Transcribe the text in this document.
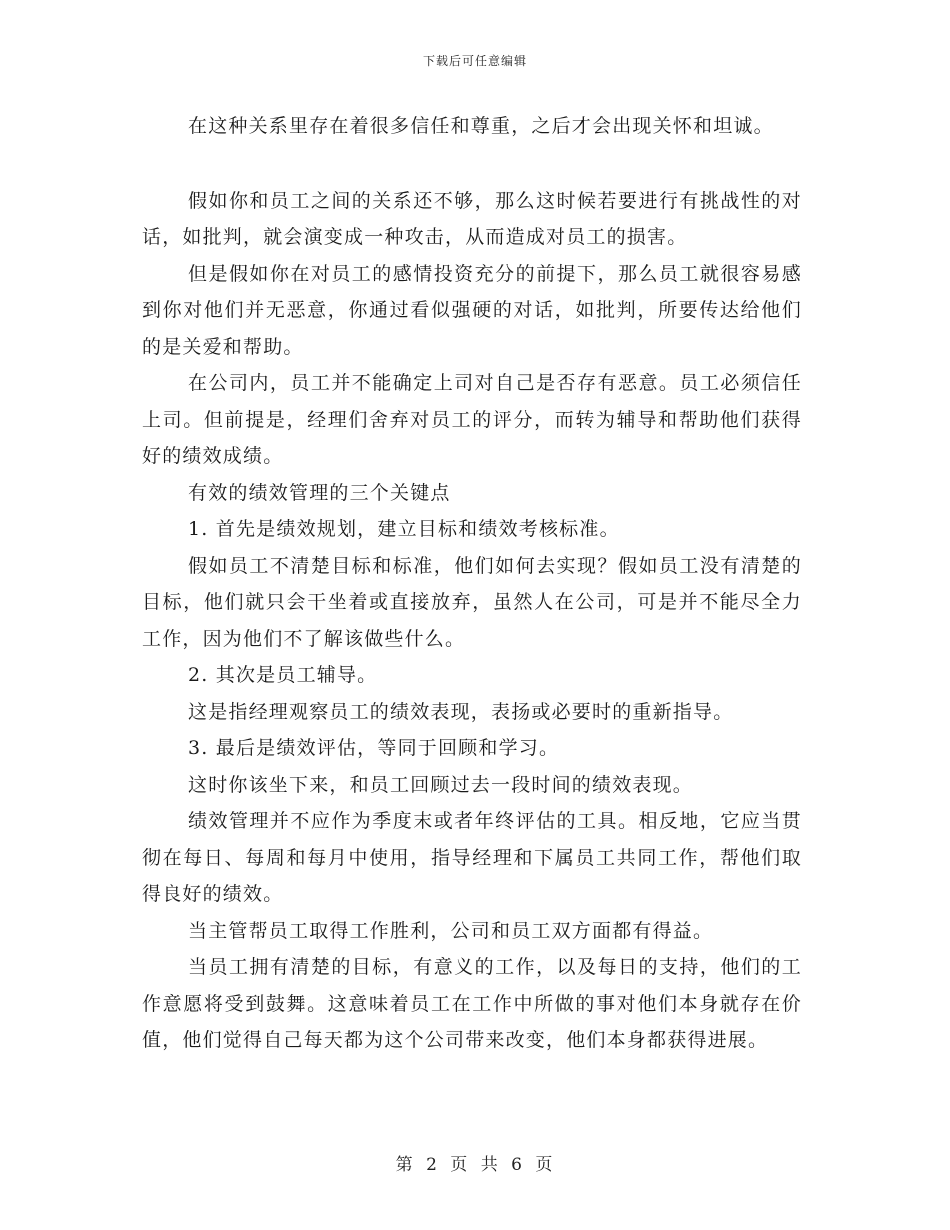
下载后可任意编辑

在这种关系里存在着很多信任和尊重，之后才会出现关怀和坦诚。

假如你和员工之间的关系还不够，那么这时候若要进行有挑战性的对话，如批判，就会演变成一种攻击，从而造成对员工的损害。

但是假如你在对员工的感情投资充分的前提下，那么员工就很容易感到你对他们并无恶意，你通过看似强硬的对话，如批判，所要传达给他们的是关爱和帮助。

在公司内，员工并不能确定上司对自己是否存有恶意。员工必须信任上司。但前提是，经理们舍弃对员工的评分，而转为辅导和帮助他们获得好的绩效成绩。

有效的绩效管理的三个关键点

1. 首先是绩效规划，建立目标和绩效考核标准。

假如员工不清楚目标和标准，他们如何去实现？假如员工没有清楚的目标，他们就只会干坐着或直接放弃，虽然人在公司，可是并不能尽全力工作，因为他们不了解该做些什么。

2. 其次是员工辅导。

这是指经理观察员工的绩效表现，表扬或必要时的重新指导。

3. 最后是绩效评估，等同于回顾和学习。

这时你该坐下来，和员工回顾过去一段时间的绩效表现。

绩效管理并不应作为季度末或者年终评估的工具。相反地，它应当贯彻在每日、每周和每月中使用，指导经理和下属员工共同工作，帮他们取得良好的绩效。

当主管帮员工取得工作胜利，公司和员工双方面都有得益。

当员工拥有清楚的目标，有意义的工作，以及每日的支持，他们的工作意愿将受到鼓舞。这意味着员工在工作中所做的事对他们本身就存在价值，他们觉得自己每天都为这个公司带来改变，他们本身都获得进展。

第 2 页 共 6 页
